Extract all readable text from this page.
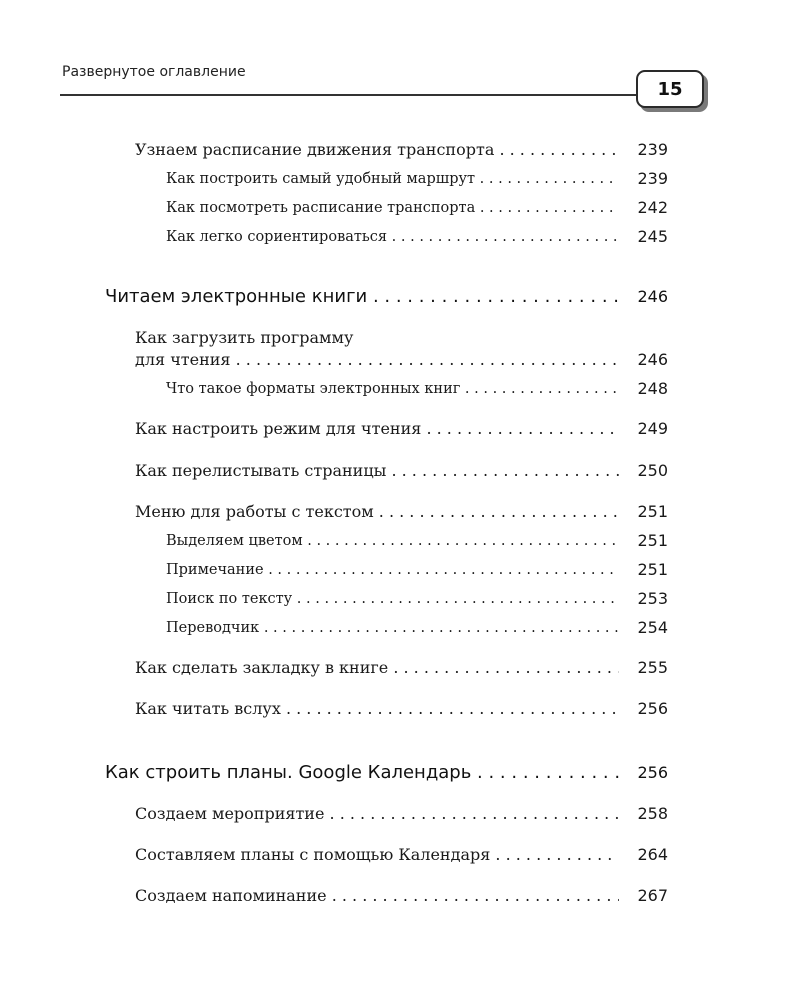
Развернутое оглавление
15
Узнаем расписание движения транспорта . . .	239
Как построить самый удобный маршрут . . .	239
Как посмотреть расписание транспорта . . .	242
Как легко сориентироваться . . .	245
Читаем электронные книги . . .	246
Как загрузить программу
для чтения . . .	246
Что такое форматы электронных книг . . .	248
Как настроить режим для чтения . . .	249
Как перелистывать страницы . . .	250
Меню для работы с текстом . . .	251
Выделяем цветом . . .	251
Примечание . . .	251
Поиск по тексту . . .	253
Переводчик . . .	254
Как сделать закладку в книге . . .	255
Как читать вслух . . .	256
Как строить планы. Google Календарь . . .	256
Создаем мероприятие . . .	258
Составляем планы с помощью Календаря . . .	264
Создаем напоминание . . .	267
